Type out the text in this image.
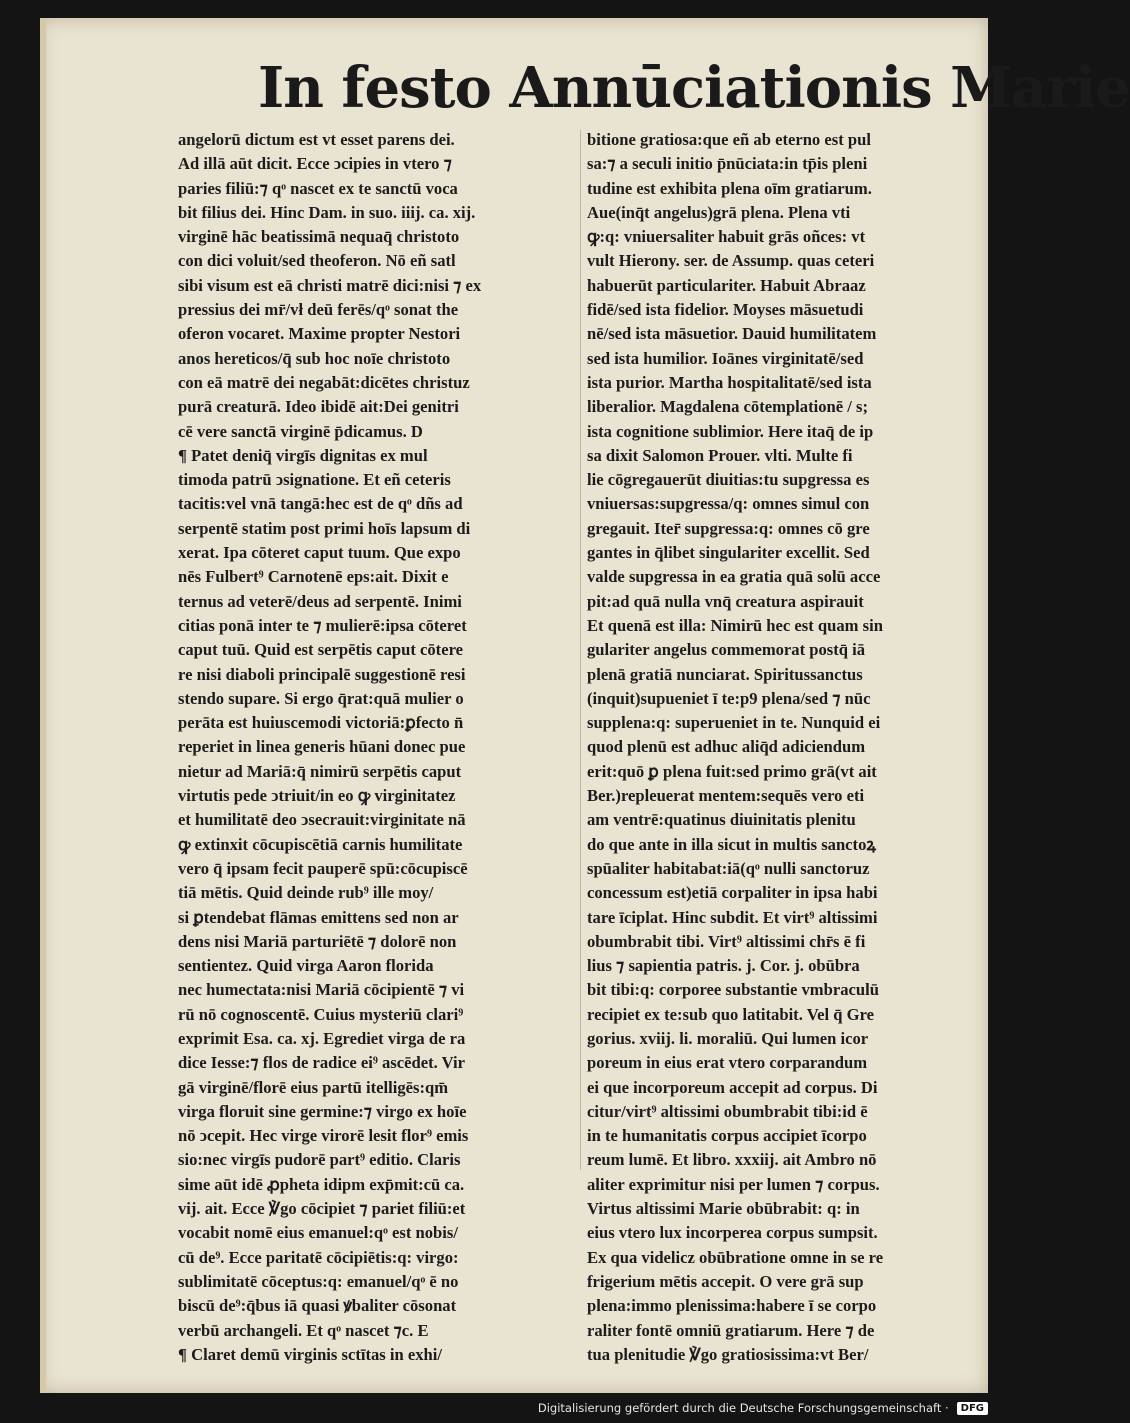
In festo Annūciationis Marie
angelorū dictum est vt esset parens dei.
Ad illā aūt dicit. Ecce ↄcipies in vtero ⁊
paries filiū:⁊ qͦ nascet ex te sanctū voca
bit filius dei. Hinc Dam. in suo. iiij. ca. xij.
virginē hāc beatissimā nequaq̄ christoto
con dici voluit/sed theoferon. Nō eñ satl
sibi visum est eā christi matrē dici:nisi ⁊ ex
pressius dei mr̄/vł deū ferēs/qͦ sonat the
oferon vocaret. Maxime propter Nestori
anos hereticos/q̄ sub hoc noīe christoto
con eā matrē dei negabāt:dicētes christuz
purā creaturā. Ideo ibidē ait:Dei genitri
cē vere sanctā virginē p̄dicamus. D
¶ Patet deniq̄ virgīs dignitas ex mul
timoda patrū ↄsignatione. Et eñ ceteris
tacitis:vel vnā tangā:hec est de qͦ dñs ad
serpentē statim post primi hoīs lapsum di
xerat. Ipa cōteret caput tuum. Que expo
nēs Fulbert⁹ Carnotenē eps:ait. Dixit e
ternus ad veterē/deus ad serpentē. Inimi
citias ponā inter te ⁊ mulierē:ipsa cōteret
caput tuū. Quid est serpētis caput cōtere
re nisi diaboli principalē suggestionē resi
stendo supare. Si ergo q̄rat:quā mulier o
perāta est huiuscemodi victoriā:ꝑfecto n̄
reperiet in linea generis hūani donec pue
nietur ad Mariā:q̄ nimirū serpētis caput
virtutis pede ↄtriuit/in eo ꝙ virginitatez
et humilitatē deo ↄsecrauit:virginitate nā
ꝙ extinxit cōcupiscētiā carnis humilitate
vero q̄ ipsam fecit pauperē spū:cōcupiscē
tiā mētis. Quid deinde rub⁹ ille moy/
si ꝑtendebat flāmas emittens sed non ar
dens nisi Mariā parturiētē ⁊ dolorē non
sentientez. Quid virga Aaron florida
nec humectata:nisi Mariā cōcipientē ⁊ vi
rū nō cognoscentē. Cuius mysteriū clari⁹
exprimit Esa. ca. xj. Egrediet virga de ra
dice Iesse:⁊ flos de radice ei⁹ ascēdet. Vir
gā virginē/florē eius partū itelligēs:qm̄
virga floruit sine germine:⁊ virgo ex hoīe
nō ↄcepit. Hec virge virorē lesit flor⁹ emis
sio:nec virgīs pudorē part⁹ editio. Claris
sime aūt idē ꝓpheta idipm exp̄mit:cū ca.
vij. ait. Ecce ℣go cōcipiet ⁊ pariet filiū:et
vocabit nomē eius emanuel:qͦ est nobis/
cū de⁹. Ecce paritatē cōcipiētis:q: virgo:
sublimitatē cōceptus:q: emanuel/qͦ ē no
biscū de⁹:q̄bus iā quasi ꝟbaliter cōsonat
verbū archangeli. Et qͦ nascet ⁊c. E
¶ Claret demū virginis sctītas in exhi/
bitione gratiosa:que eñ ab eterno est pul
sa:⁊ a seculi initio p̄nūciata:in tp̄is pleni
tudine est exhibita plena oīm gratiarum.
Aue(inq̄t angelus)grā plena. Plena vti
ꝙ:q: vniuersaliter habuit grās oñces: vt
vult Hierony. ser. de Assump. quas ceteri
habuerūt particulariter. Habuit Abraaz
fidē/sed ista fidelior. Moyses māsuetudi
nē/sed ista māsuetior. Dauid humilitatem
sed ista humilior. Ioānes virginitatē/sed
ista purior. Martha hospitalitatē/sed ista
liberalior. Magdalena cōtemplationē / s;
ista cognitione sublimior. Here itaq̄ de ip
sa dixit Salomon Prouer. vlti. Multe fi
lie cōgregauerūt diuitias:tu supgressa es
vniuersas:supgressa/q: omnes simul con
gregauit. Iter̄ supgressa:q: omnes cō gre
gantes in q̄libet singulariter excellit. Sed
valde supgressa in ea gratia quā solū acce
pit:ad quā nulla vnq̄ creatura aspirauit
Et quenā est illa: Nimirū hec est quam sin
gulariter angelus commemorat postq̄ iā
plenā gratiā nunciarat. Spiritussanctus
(inquit)supueniet ī te:p9 plena/sed ⁊ nūc
supplena:q: superueniet in te. Nunquid ei
quod plenū est adhuc aliq̄d adiciendum
erit:quō ꝑ plena fuit:sed primo grā(vt ait
Ber.)repleuerat mentem:sequēs vero eti
am ventrē:quatinus diuinitatis plenitu
do que ante in illa sicut in multis sanctoꝝ
spūaliter habitabat:iā(qͦ nulli sanctoruz
concessum est)etiā corpaliter in ipsa habi
tare īciplat. Hinc subdit. Et virt⁹ altissimi
obumbrabit tibi. Virt⁹ altissimi chr̄s ē fi
lius ⁊ sapientia patris. j. Cor. j. obūbra
bit tibi:q: corporee substantie vmbraculū
recipiet ex te:sub quo latitabit. Vel q̄ Gre
gorius. xviij. li. moraliū. Qui lumen icor
poreum in eius erat vtero corparandum
ei que incorporeum accepit ad corpus. Di
citur/virt⁹ altissimi obumbrabit tibi:id ē
in te humanitatis corpus accipiet īcorpo
reum lumē. Et libro. xxxiij. ait Ambro nō
aliter exprimitur nisi per lumen ⁊ corpus.
Virtus altissimi Marie obūbrabit: q: in
eius vtero lux incorperea corpus sumpsit.
Ex qua videlicz obūbratione omne in se re
frigerium mētis accepit. O vere grā sup
plena:immo plenissima:habere ī se corpo
raliter fontē omniū gratiarum. Here ⁊ de
tua plenitudie ℣go gratiosissima:vt Ber/
Digitalisierung gefördert durch die Deutsche Forschungsgemeinschaft ·	DFG
